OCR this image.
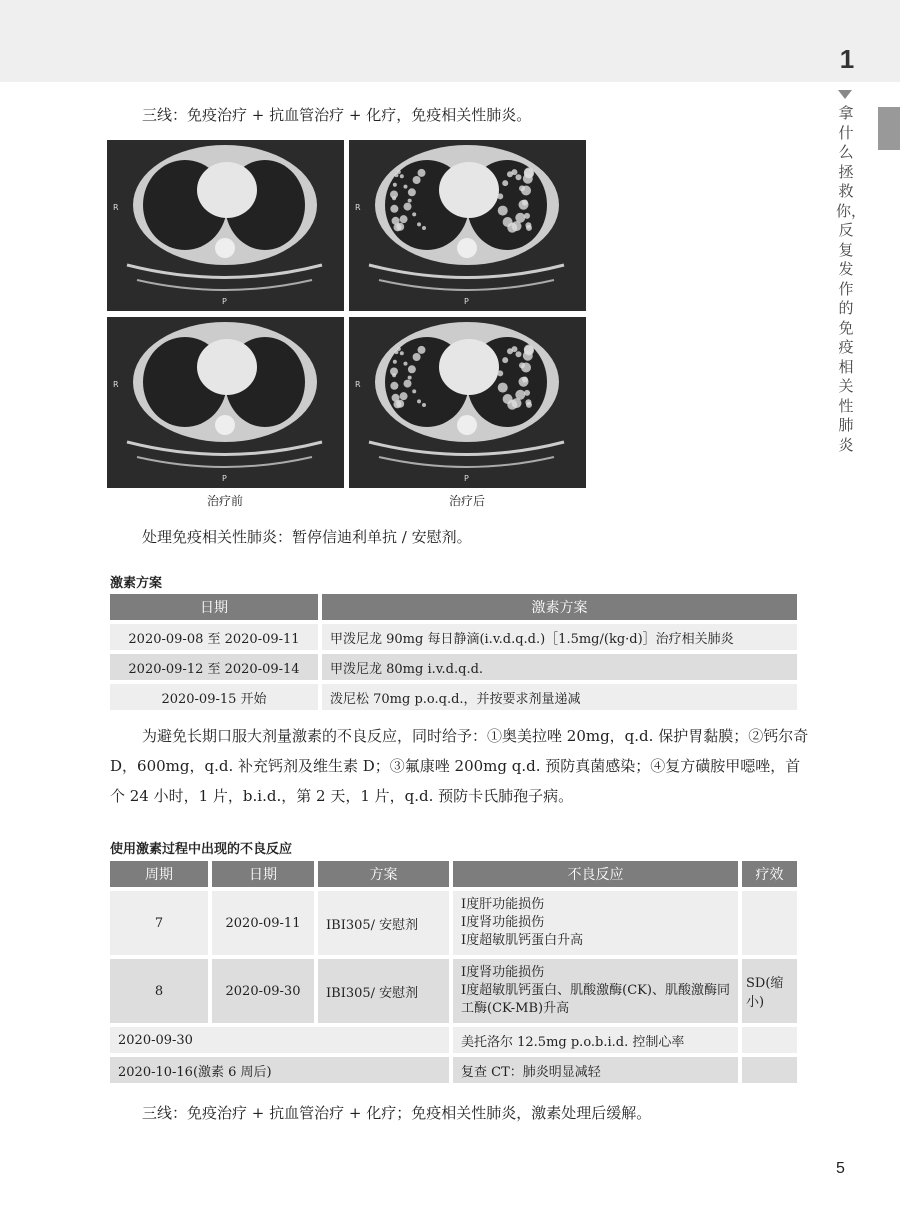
1
拿什么拯救你，反复发作的免疫相关性肺炎
三线：免疫治疗 + 抗血管治疗 + 化疗，免疫相关性肺炎。
R
P
R
P
R
P
R
P
治疗前	治疗后
处理免疫相关性肺炎：暂停信迪利单抗 / 安慰剂。
激素方案
日期	激素方案
2020-09-08 至 2020-09-11	甲泼尼龙 90mg 每日静滴(i.v.d.q.d.)［1.5mg/(kg·d)］治疗相关肺炎
2020-09-12 至 2020-09-14	甲泼尼龙 80mg i.v.d.q.d.
2020-09-15 开始	泼尼松 70mg p.o.q.d.，并按要求剂量递减
为避免长期口服大剂量激素的不良反应，同时给予：①奥美拉唑 20mg，q.d. 保护胃黏膜；②钙尔奇 D，600mg，q.d. 补充钙剂及维生素 D；③氟康唑 200mg q.d. 预防真菌感染；④复方磺胺甲噁唑，首个 24 小时，1 片，b.i.d.，第 2 天，1 片，q.d. 预防卡氏肺孢子病。
使用激素过程中出现的不良反应
周期	日期	方案	不良反应	疗效
7	2020-09-11	IBI305/ 安慰剂	Ⅰ度肝功能损伤
Ⅰ度肾功能损伤
Ⅰ度超敏肌钙蛋白升高	

8	2020-09-30	IBI305/ 安慰剂	Ⅰ度肾功能损伤
Ⅰ度超敏肌钙蛋白、肌酸激酶(CK)、肌酸激酶同工酶(CK-MB)升高	SD(缩小)
2020-09-30			美托洛尔 12.5mg p.o.b.i.d. 控制心率	
2020-10-16(激素 6 周后)			复查 CT：肺炎明显减轻	
三线：免疫治疗 + 抗血管治疗 + 化疗；免疫相关性肺炎，激素处理后缓解。
5
